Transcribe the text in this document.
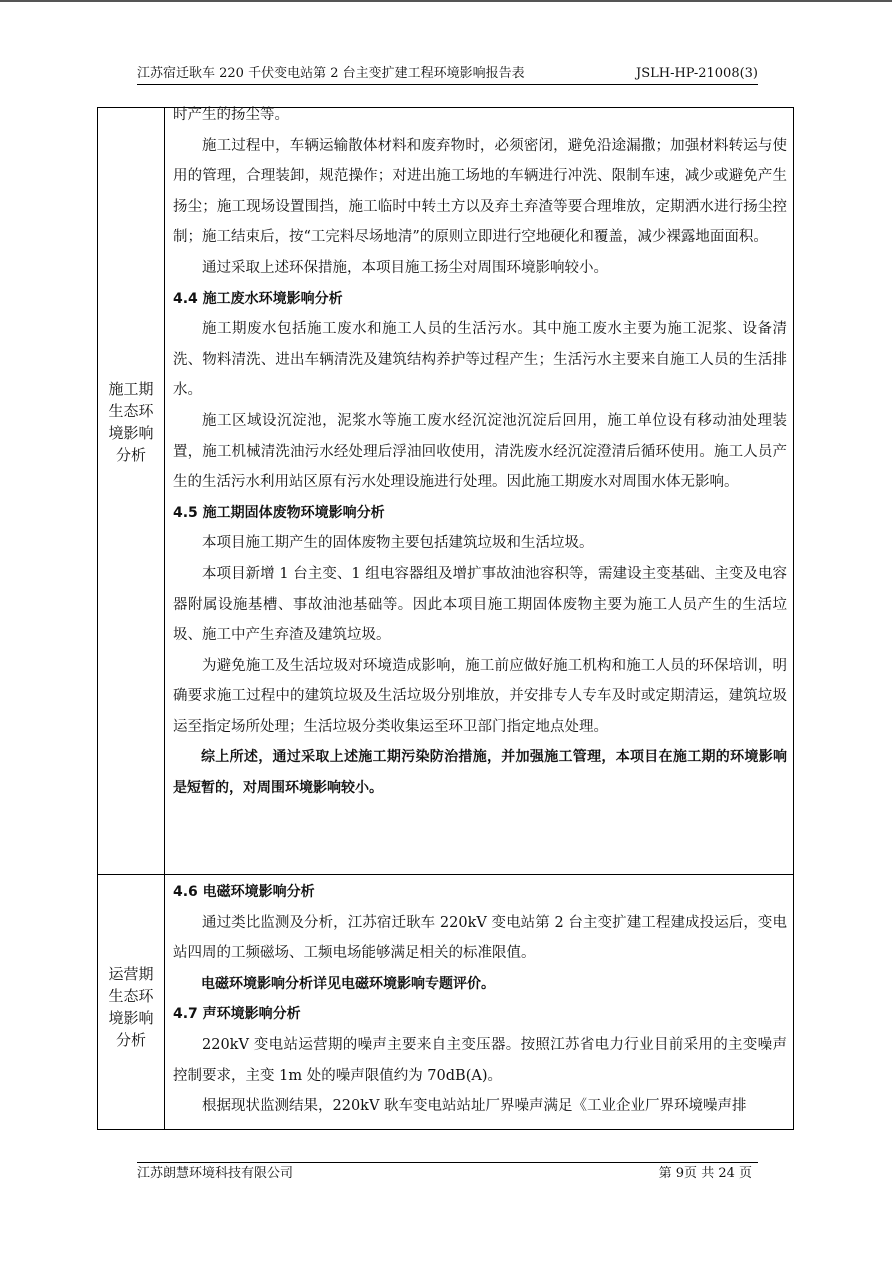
江苏宿迁耿车 220 千伏变电站第 2 台主变扩建工程环境影响报告表	JSLH-HP-21008(3)
施工期
生态环
境影响
分析

时产生的扬尘等。

施工过程中，车辆运输散体材料和废弃物时，必须密闭，避免沿途漏撒；加强材料转运与使用的管理，合理装卸，规范操作；对进出施工场地的车辆进行冲洗、限制车速，减少或避免产生扬尘；施工现场设置围挡，施工临时中转土方以及弃土弃渣等要合理堆放，定期洒水进行扬尘控制；施工结束后，按“工完料尽场地清”的原则立即进行空地硬化和覆盖，减少裸露地面面积。

通过采取上述环保措施，本项目施工扬尘对周围环境影响较小。

4.4 施工废水环境影响分析

施工期废水包括施工废水和施工人员的生活污水。其中施工废水主要为施工泥浆、设备清洗、物料清洗、进出车辆清洗及建筑结构养护等过程产生；生活污水主要来自施工人员的生活排水。

施工区域设沉淀池，泥浆水等施工废水经沉淀池沉淀后回用，施工单位设有移动油处理装置，施工机械清洗油污水经处理后浮油回收使用，清洗废水经沉淀澄清后循环使用。施工人员产生的生活污水利用站区原有污水处理设施进行处理。因此施工期废水对周围水体无影响。

4.5 施工期固体废物环境影响分析

本项目施工期产生的固体废物主要包括建筑垃圾和生活垃圾。

本项目新增 1 台主变、1 组电容器组及增扩事故油池容积等，需建设主变基础、主变及电容器附属设施基槽、事故油池基础等。因此本项目施工期固体废物主要为施工人员产生的生活垃圾、施工中产生弃渣及建筑垃圾。

为避免施工及生活垃圾对环境造成影响，施工前应做好施工机构和施工人员的环保培训，明确要求施工过程中的建筑垃圾及生活垃圾分别堆放，并安排专人专车及时或定期清运，建筑垃圾运至指定场所处理；生活垃圾分类收集运至环卫部门指定地点处理。

综上所述，通过采取上述施工期污染防治措施，并加强施工管理，本项目在施工期的环境影响是短暂的，对周围环境影响较小。

运营期
生态环
境影响
分析

4.6 电磁环境影响分析

通过类比监测及分析，江苏宿迁耿车 220kV 变电站第 2 台主变扩建工程建成投运后，变电站四周的工频磁场、工频电场能够满足相关的标准限值。

电磁环境影响分析详见电磁环境影响专题评价。

4.7 声环境影响分析

220kV 变电站运营期的噪声主要来自主变压器。按照江苏省电力行业目前采用的主变噪声控制要求，主变 1m 处的噪声限值约为 70dB(A)。

根据现状监测结果，220kV 耿车变电站站址厂界噪声满足《工业企业厂界环境噪声排

江苏朗慧环境科技有限公司	第 9页 共 24 页
